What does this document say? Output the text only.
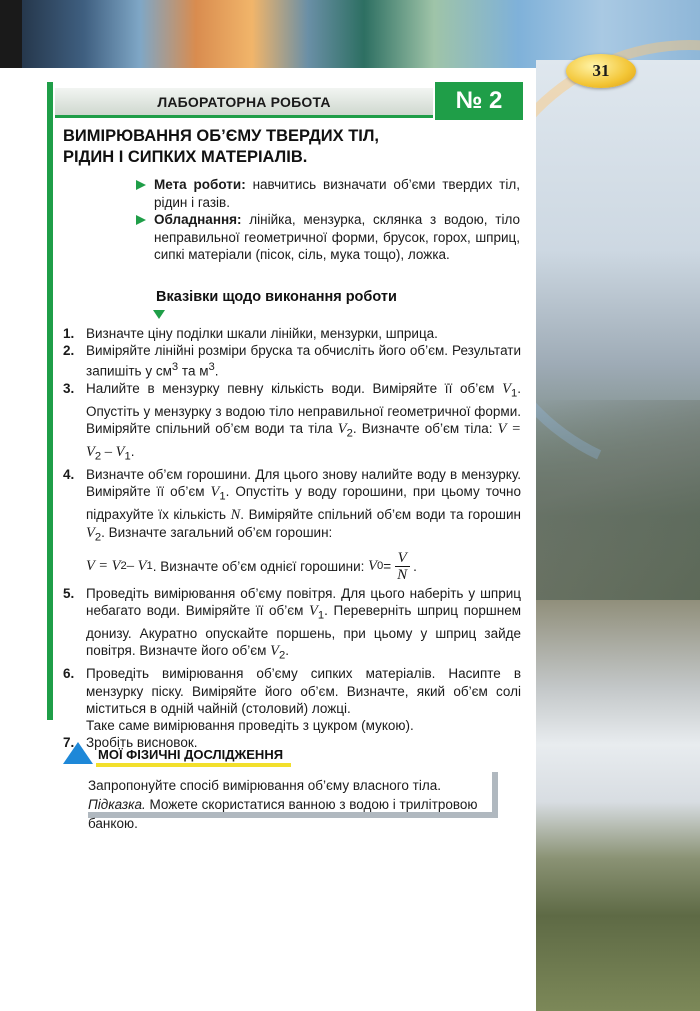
31
ЛАБОРАТОРНА РОБОТА	№ 2
ВИМІРЮВАННЯ ОБ’ЄМУ ТВЕРДИХ ТІЛ,
РІДИН І СИПКИХ МАТЕРІАЛІВ.
Мета роботи: навчитись визначати об’єми твердих тіл, рідин і газів.
Обладнання: лінійка, мензурка, склянка з водою, тіло неправильної геометричної форми, брусок, горох, шприц, сипкі матеріали (пісок, сіль, мука тощо), ложка.
Вказівки щодо виконання роботи
1. Визначте ціну поділки шкали лінійки, мензурки, шприца.
2. Виміряйте лінійні розміри бруска та обчисліть його об’єм. Результати запишіть у $см^3$ та $м^3$.
3. Налийте в мензурку певну кількість води. Виміряйте її об’єм $V_1$. Опустіть у мензурку з водою тіло неправильної геометричної форми. Виміряйте спільний об’єм води та тіла $V_2$. Визначте об’єм тіла: $V = V_2 - V_1$.
4. Визначте об’єм горошини. Для цього знову налийте воду в мензурку. Виміряйте її об’єм $V_1$. Опустіть у воду горошини, при цьому точно підрахуйте їх кількість N. Виміряйте спільний об’єм води та горошин $V_2$. Визначте загальний об’єм горошин:
V = V 2 – V 1 . Визначте об’єм однієї горошини:
V $0 = \frac{V}{N}$ .
5. Проведіть вимірювання об’єму повітря. Для цього наберіть у шприц небагато води. Виміряйте її об’єм $V_1$. Переверніть шприц поршнем донизу. Акуратно опускайте поршень, при цьому у шприц зайде повітря. Визначте його об’єм $V_2$.
6. Проведіть вимірювання об’єму сипких матеріалів. Насипте в мензурку піску. Виміряйте його об’єм. Визначте, який об’єм солі міститься в одній чайній (столовий) ложці.
Таке саме вимірювання проведіть з цукром (мукою).
7. Зробіть висновок.
МОЇ ФІЗИЧНІ ДОСЛІДЖЕННЯ

Запропонуйте спосіб вимірювання об’єму власного тіла.

Підказка. Можете скористатися ванною з водою і трилітровою банкою.
